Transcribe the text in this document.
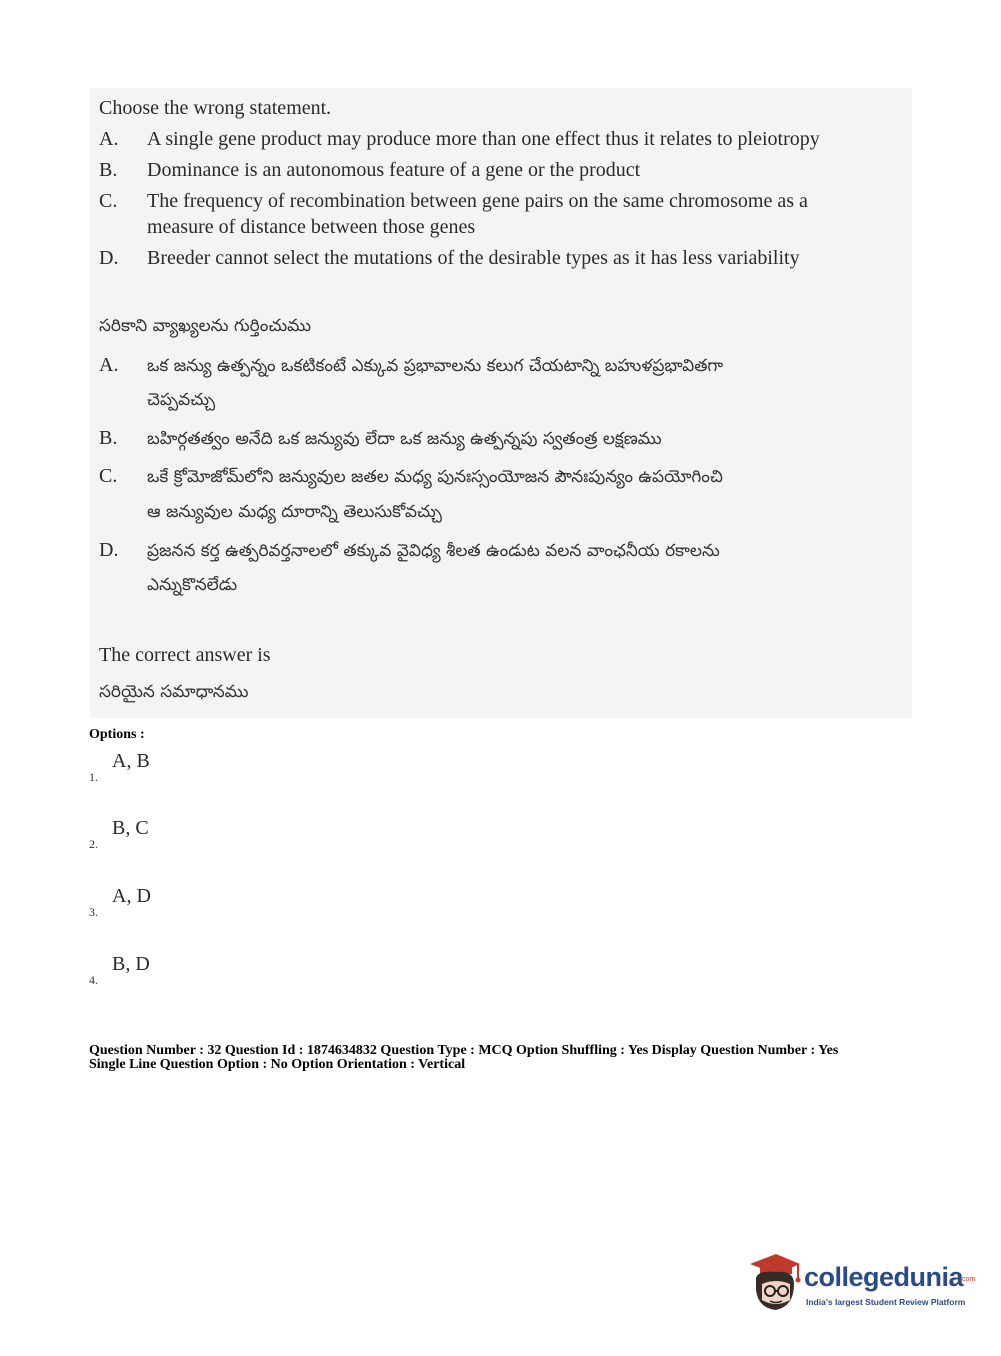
Choose the wrong statement.
A. A single gene product may produce more than one effect thus it relates to pleiotropy
B. Dominance is an autonomous feature of a gene or the product
C. The frequency of recombination between gene pairs on the same chromosome as a
measure of distance between those genes
D. Breeder cannot select the mutations of the desirable types as it has less variability
సరికాని వ్యాఖ్యలను గుర్తించుము
A. ఒక జన్యు ఉత్పన్నం ఒకటికంటే ఎక్కువ ప్రభావాలను కలుగ చేయటాన్ని బహుళప్రభావితగా
చెప్పవచ్చు
B. బహిర్గతత్వం అనేది ఒక జన్యువు లేదా ఒక జన్యు ఉత్పన్నపు స్వతంత్ర లక్షణము
C. ఒకే క్రోమోజోమ్‌లోని జన్యువుల జతల మధ్య పునఃస్సంయోజన పౌనఃపున్యం ఉపయోగించి
ఆ జన్యువుల మధ్య దూరాన్ని తెలుసుకోవచ్చు
D. ప్రజనన కర్త ఉత్పరివర్తనాలలో తక్కువ వైవిధ్య శీలత ఉండుట వలన వాంఛనీయ రకాలను
ఎన్నుకొనలేడు
The correct answer is
సరియైన సమాధానము
Options :
A, B
1.
B, C
2.
A, D
3.
B, D
4.
Question Number : 32 Question Id : 1874634832 Question Type : MCQ Option Shuffling : Yes Display Question Number : Yes
Single Line Question Option : No Option Orientation : Vertical
collegedunia
.com
India's largest Student Review Platform
